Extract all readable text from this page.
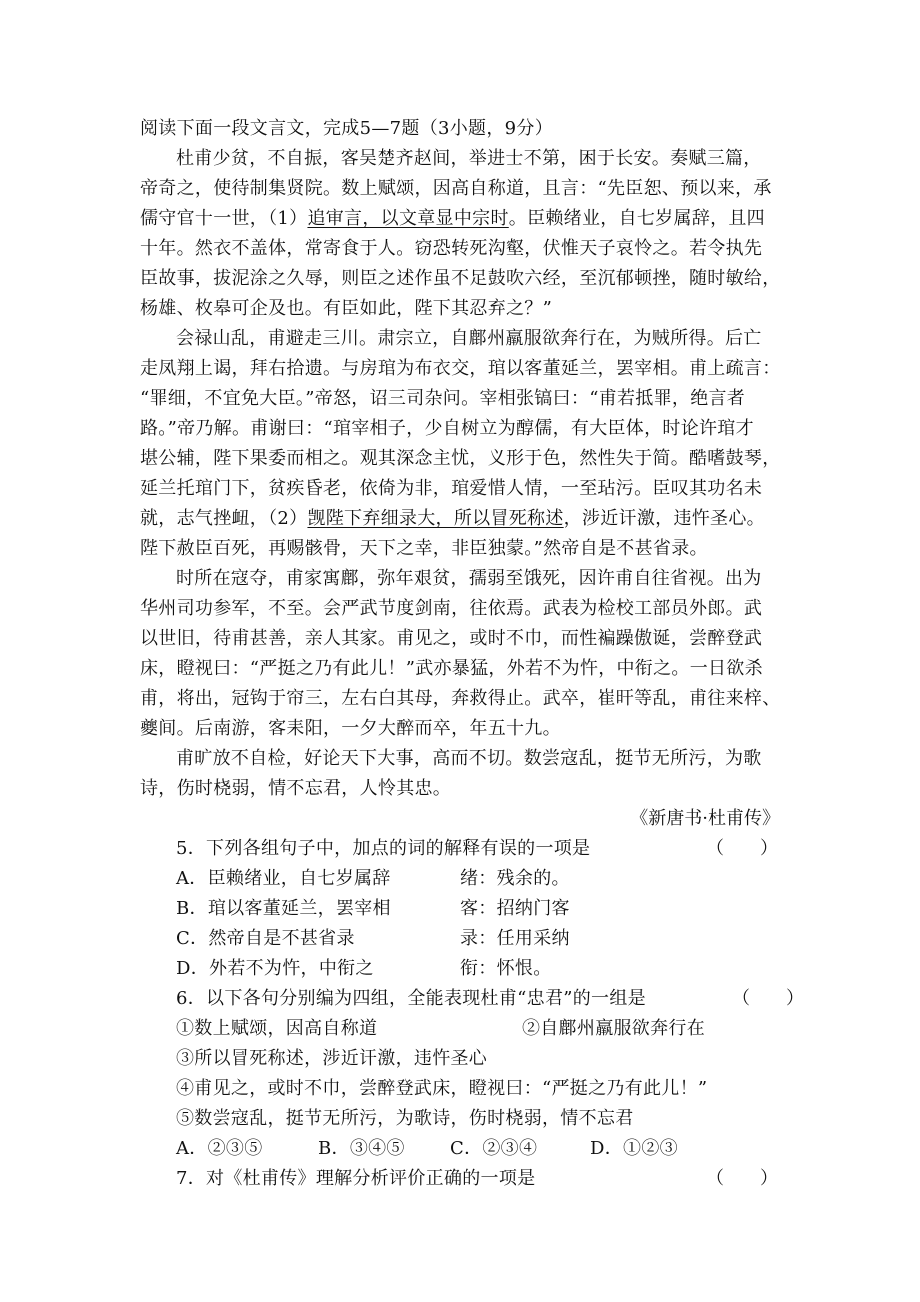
阅读下面一段文言文，完成5—7题（3小题，9分）
杜甫少贫，不自振，客吴楚齐赵间，举进士不第，困于长安。奏赋三篇，
帝奇之，使待制集贤院。数上赋颂，因高自称道，且言：“先臣恕、预以来，承
儒守官十一世，（1）追审言，以文章显中宗时。臣赖绪业，自七岁属辞，且四
十年。然衣不盖体，常寄食于人。窃恐转死沟壑，伏惟天子哀怜之。若令执先
臣故事，拔泥涂之久辱，则臣之述作虽不足鼓吹六经，至沉郁顿挫，随时敏给，
杨雄、枚皋可企及也。有臣如此，陛下其忍弃之？”
会禄山乱，甫避走三川。肃宗立，自鄜州羸服欲奔行在，为贼所得。后亡
走凤翔上谒，拜右拾遗。与房琯为布衣交，琯以客董延兰，罢宰相。甫上疏言：
“罪细，不宜免大臣。”帝怒，诏三司杂问。宰相张镐曰：“甫若抵罪，绝言者
路。”帝乃解。甫谢曰：“琯宰相子，少自树立为醇儒，有大臣体，时论许琯才
堪公辅，陛下果委而相之。观其深念主忧，义形于色，然性失于简。酷嗜鼓琴，
延兰托琯门下，贫疾昏老，依倚为非，琯爱惜人情，一至玷污。臣叹其功名未
就，志气挫衄，（2）觊陛下弃细录大，所以冒死称述，涉近讦激，违忤圣心。
陛下赦臣百死，再赐骸骨，天下之幸，非臣独蒙。”然帝自是不甚省录。
时所在寇夺，甫家寓鄜，弥年艰贫，孺弱至饿死，因许甫自往省视。出为
华州司功参军，不至。会严武节度剑南，往依焉。武表为检校工部员外郎。武
以世旧，待甫甚善，亲人其家。甫见之，或时不巾，而性褊躁傲诞，尝醉登武
床，瞪视曰：“严挺之乃有此儿！”武亦暴猛，外若不为忤，中衔之。一日欲杀
甫，将出，冠钩于帘三，左右白其母，奔救得止。武卒，崔旰等乱，甫往来梓、
夔间。后南游，客耒阳，一夕大醉而卒，年五十九。
甫旷放不自检，好论天下大事，高而不切。数尝寇乱，挺节无所污，为歌
诗，伤时桡弱，情不忘君，人怜其忠。
《新唐书·杜甫传》
5．下列各组句子中，加点的词的解释有误的一项是	（　　）
A．臣赖绪业，自七岁属辞	绪：残余的。
B．琯以客董延兰，罢宰相	客：招纳门客
C．然帝自是不甚省录	录：任用采纳
D．外若不为忤，中衔之	衔：怀恨。
6．以下各句分别编为四组，全能表现杜甫“忠君”的一组是	（　　）
①数上赋颂，因高自称道	②自鄜州羸服欲奔行在
③所以冒死称述，涉近讦激，违忤圣心
④甫见之，或时不巾，尝醉登武床，瞪视曰：“严挺之乃有此儿！”
⑤数尝寇乱，挺节无所污，为歌诗，伤时桡弱，情不忘君
A．②③⑤	B．③④⑤	C．②③④	D．①②③
7．对《杜甫传》理解分析评价正确的一项是	（　　）
